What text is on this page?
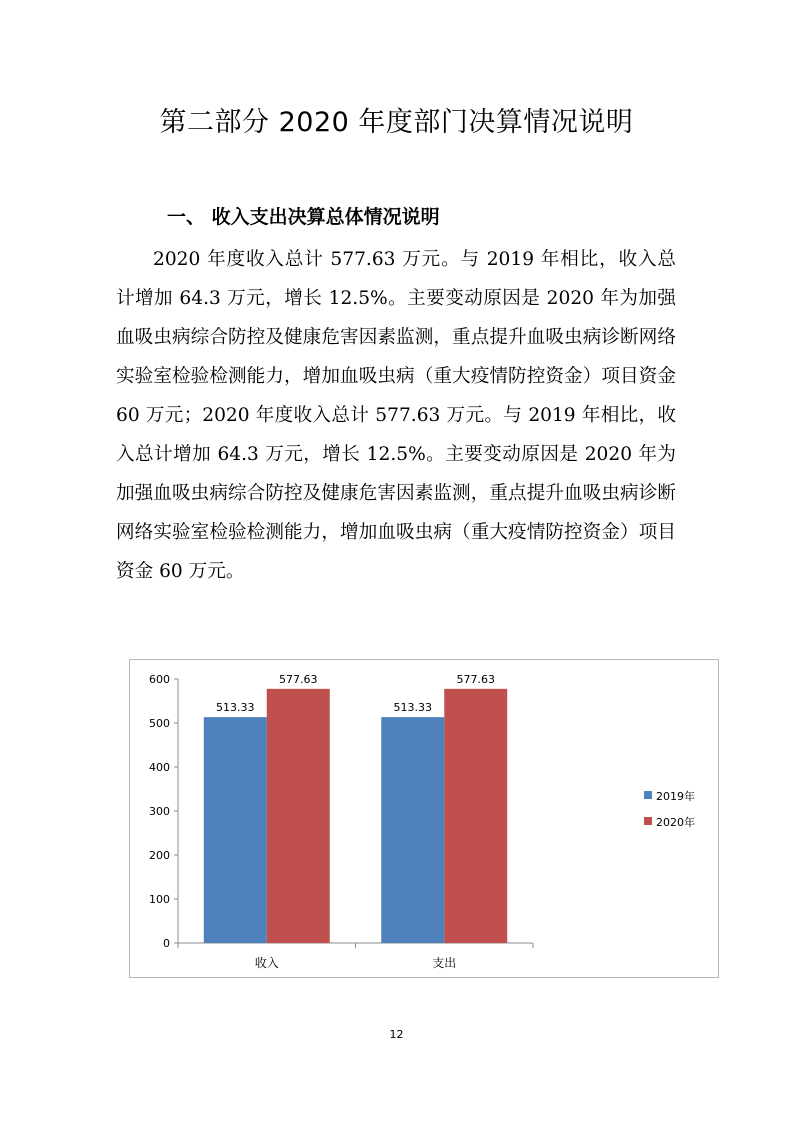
第二部分 2020 年度部门决算情况说明
一、 收入支出决算总体情况说明
2020 年度收入总计 577.63 万元。与 2019 年相比，收入总计增加 64.3 万元，增长 12.5%。主要变动原因是 2020 年为加强血吸虫病综合防控及健康危害因素监测，重点提升血吸虫病诊断网络实验室检验检测能力，增加血吸虫病（重大疫情防控资金）项目资金 60 万元；2020 年度收入总计 577.63 万元。与 2019 年相比，收入总计增加 64.3 万元，增长 12.5%。主要变动原因是 2020 年为加强血吸虫病综合防控及健康危害因素监测，重点提升血吸虫病诊断网络实验室检验检测能力，增加血吸虫病（重大疫情防控资金）项目资金 60 万元。
0
100
200
300
400
500
600
收入
513.33
577.63
支出
513.33
577.63
2019年
2020年
12
